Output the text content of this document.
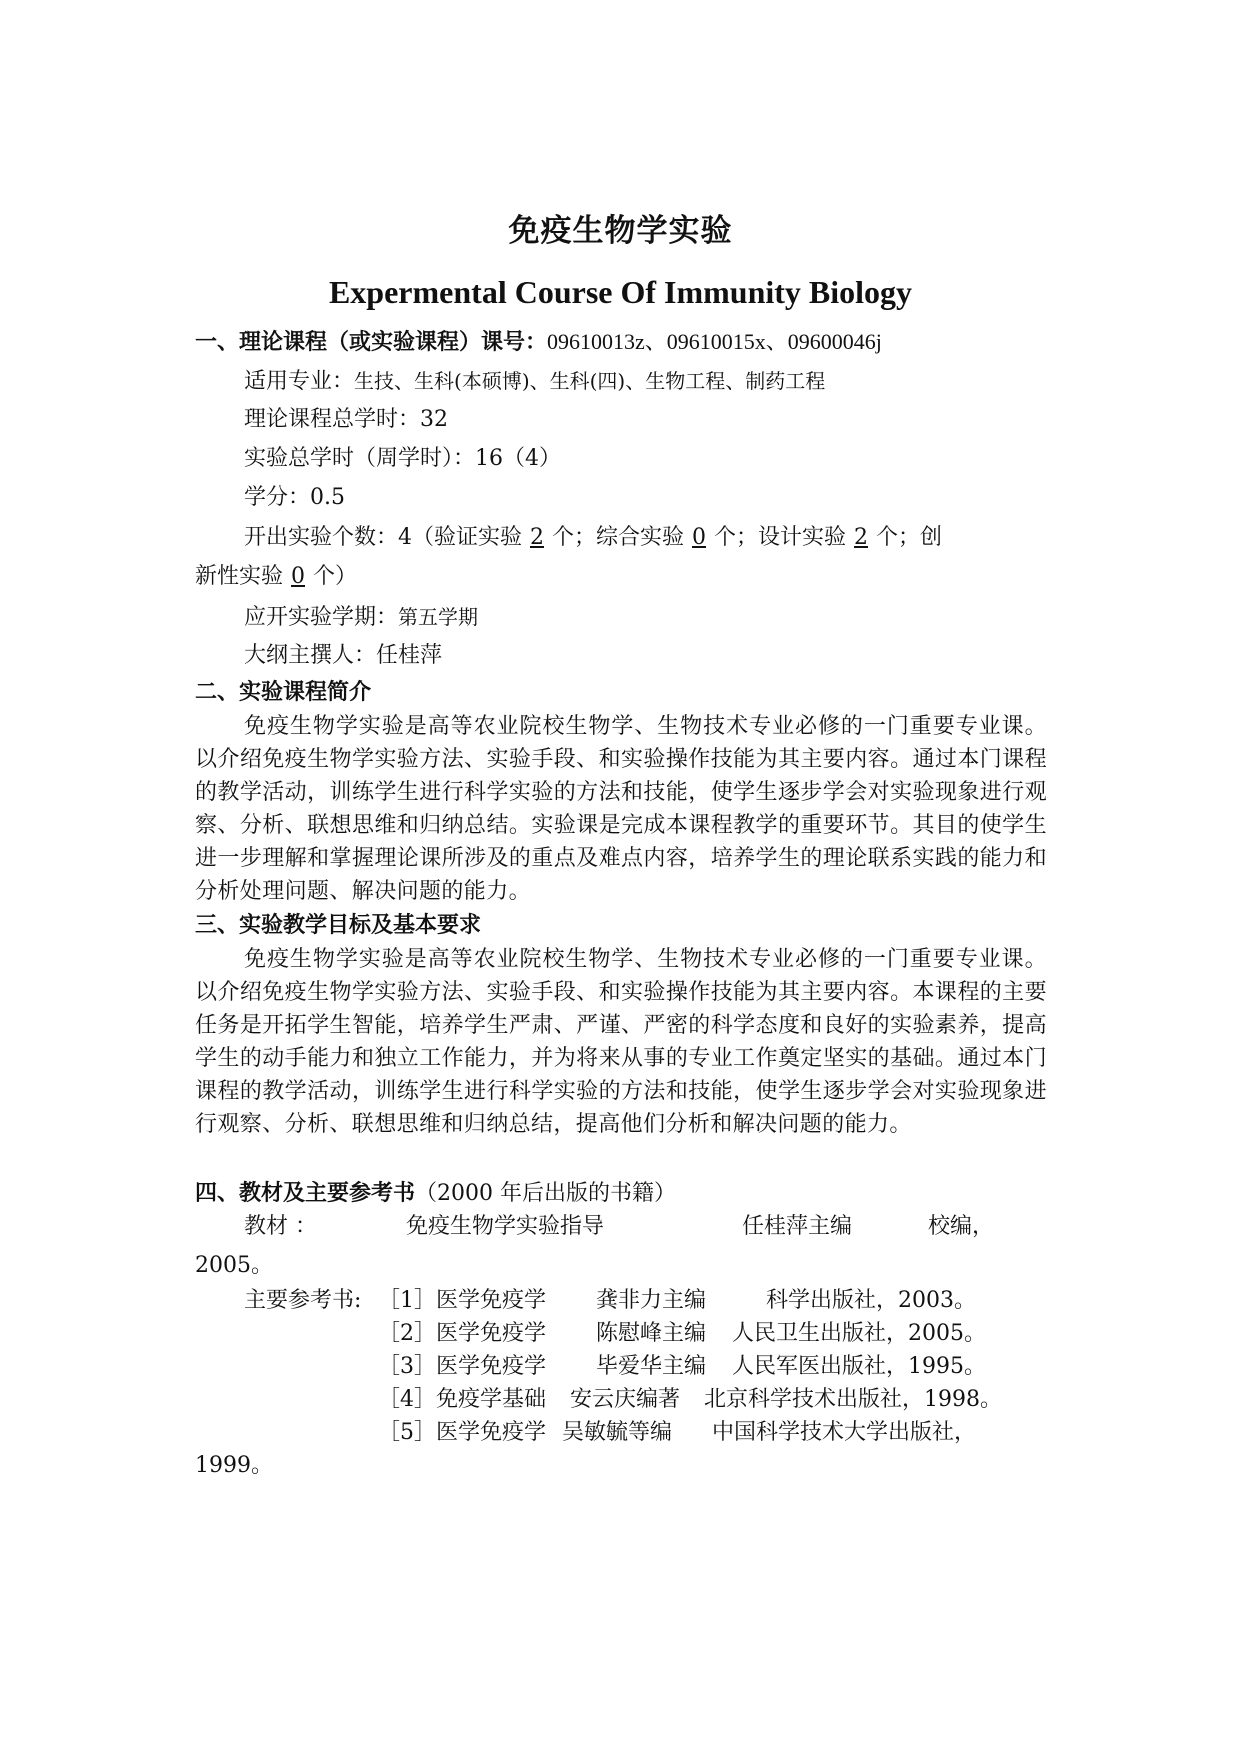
免疫生物学实验
Expermental Course Of Immunity Biology
一、理论课程（或实验课程）课号：09610013z、09610015x、09600046j
适用专业：生技、生科(本硕博)、生科(四)、生物工程、制药工程
理论课程总学时：32
实验总学时（周学时）：16（4）
学分：0.5
开出实验个数：4（验证实验 2 个；综合实验 0 个；设计实验 2 个；创
新性实验 0 个）
应开实验学期：第五学期
大纲主撰人：任桂萍
二、实验课程简介
免疫生物学实验是高等农业院校生物学、生物技术专业必修的一门重要专业课。以介绍免疫生物学实验方法、实验手段、和实验操作技能为其主要内容。通过本门课程的教学活动，训练学生进行科学实验的方法和技能，使学生逐步学会对实验现象进行观察、分析、联想思维和归纳总结。实验课是完成本课程教学的重要环节。其目的使学生进一步理解和掌握理论课所涉及的重点及难点内容，培养学生的理论联系实践的能力和分析处理问题、解决问题的能力。
三、实验教学目标及基本要求
免疫生物学实验是高等农业院校生物学、生物技术专业必修的一门重要专业课。以介绍免疫生物学实验方法、实验手段、和实验操作技能为其主要内容。本课程的主要任务是开拓学生智能，培养学生严肃、严谨、严密的科学态度和良好的实验素养，提高学生的动手能力和独立工作能力，并为将来从事的专业工作奠定坚实的基础。通过本门课程的教学活动，训练学生进行科学实验的方法和技能，使学生逐步学会对实验现象进行观察、分析、联想思维和归纳总结，提高他们分析和解决问题的能力。
四、教材及主要参考书（2000 年后出版的书籍）
教材 ：	免疫生物学实验指导	任桂萍主编	校编，
2005。
主要参考书: ［1］医学免疫学 龚非力主编	科学出版社，2003。
［2］医学免疫学 陈慰峰主编 人民卫生出版社，2005。
［3］医学免疫学 毕爱华主编 人民军医出版社，1995。
［4］免疫学基础 安云庆编著 北京科学技术出版社，1998。
［5］医学免疫学 吴敏毓等编 中国科学技术大学出版社，
1999。
